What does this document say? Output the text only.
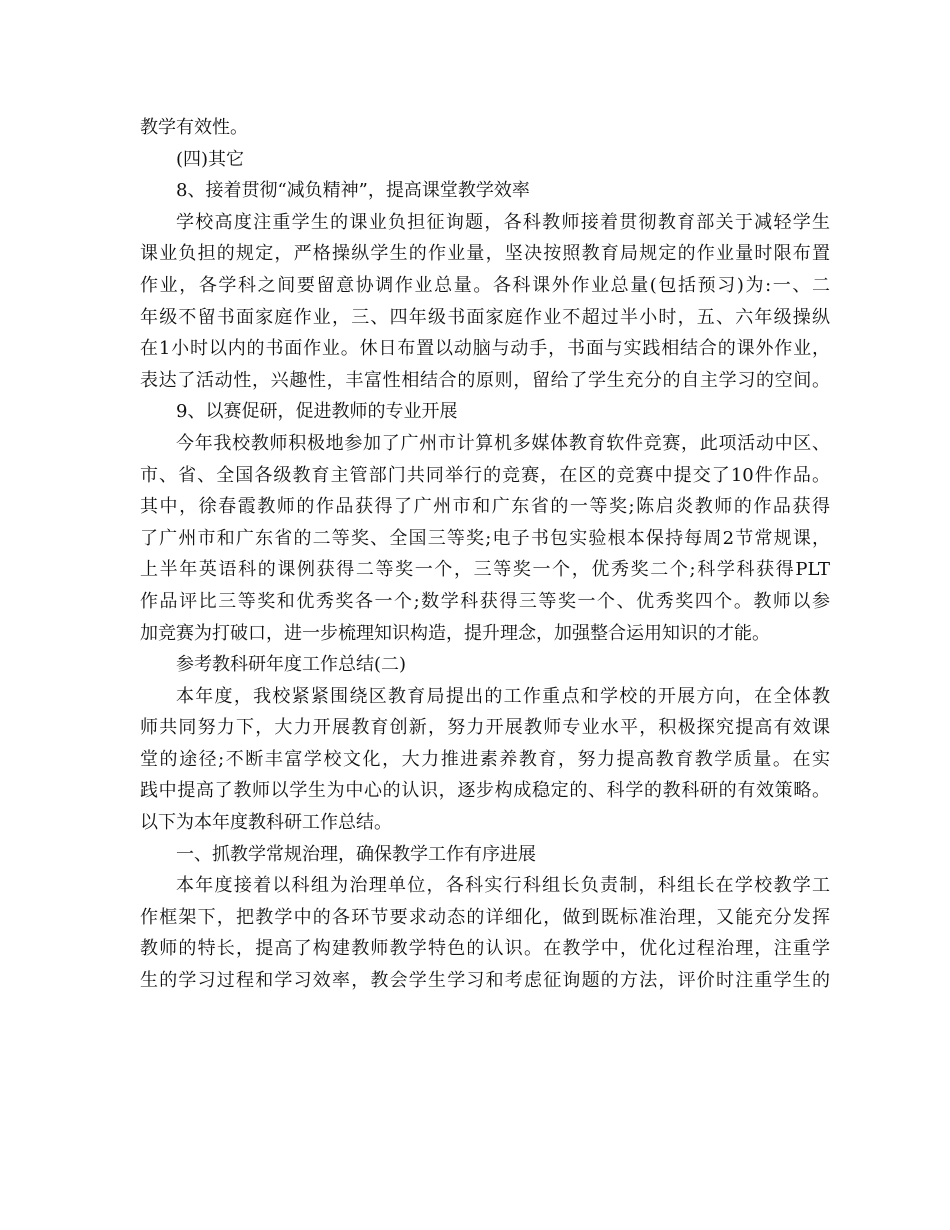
教学有效性。
(四)其它
8、接着贯彻“减负精神”，提高课堂教学效率
学校高度注重学生的课业负担征询题，各科教师接着贯彻教育部关于减轻学生
课业负担的规定，严格操纵学生的作业量，坚决按照教育局规定的作业量时限布置
作业，各学科之间要留意协调作业总量。各科课外作业总量(包括预习)为:一、二
年级不留书面家庭作业，三、四年级书面家庭作业不超过半小时，五、六年级操纵
在1小时以内的书面作业。休日布置以动脑与动手，书面与实践相结合的课外作业，
表达了活动性，兴趣性，丰富性相结合的原则，留给了学生充分的自主学习的空间。
9、以赛促研，促进教师的专业开展
今年我校教师积极地参加了广州市计算机多媒体教育软件竞赛，此项活动中区、
市、省、全国各级教育主管部门共同举行的竞赛，在区的竞赛中提交了10件作品。
其中，徐春霞教师的作品获得了广州市和广东省的一等奖;陈启炎教师的作品获得
了广州市和广东省的二等奖、全国三等奖;电子书包实验根本保持每周2节常规课，
上半年英语科的课例获得二等奖一个，三等奖一个，优秀奖二个;科学科获得PLT
作品评比三等奖和优秀奖各一个;数学科获得三等奖一个、优秀奖四个。教师以参
加竞赛为打破口，进一步梳理知识构造，提升理念，加强整合运用知识的才能。
参考教科研年度工作总结(二)
本年度，我校紧紧围绕区教育局提出的工作重点和学校的开展方向，在全体教
师共同努力下，大力开展教育创新，努力开展教师专业水平，积极探究提高有效课
堂的途径;不断丰富学校文化，大力推进素养教育，努力提高教育教学质量。在实
践中提高了教师以学生为中心的认识，逐步构成稳定的、科学的教科研的有效策略。
以下为本年度教科研工作总结。
一、抓教学常规治理，确保教学工作有序进展
本年度接着以科组为治理单位，各科实行科组长负责制，科组长在学校教学工
作框架下，把教学中的各环节要求动态的详细化，做到既标准治理，又能充分发挥
教师的特长，提高了构建教师教学特色的认识。在教学中，优化过程治理，注重学
生的学习过程和学习效率，教会学生学习和考虑征询题的方法，评价时注重学生的
